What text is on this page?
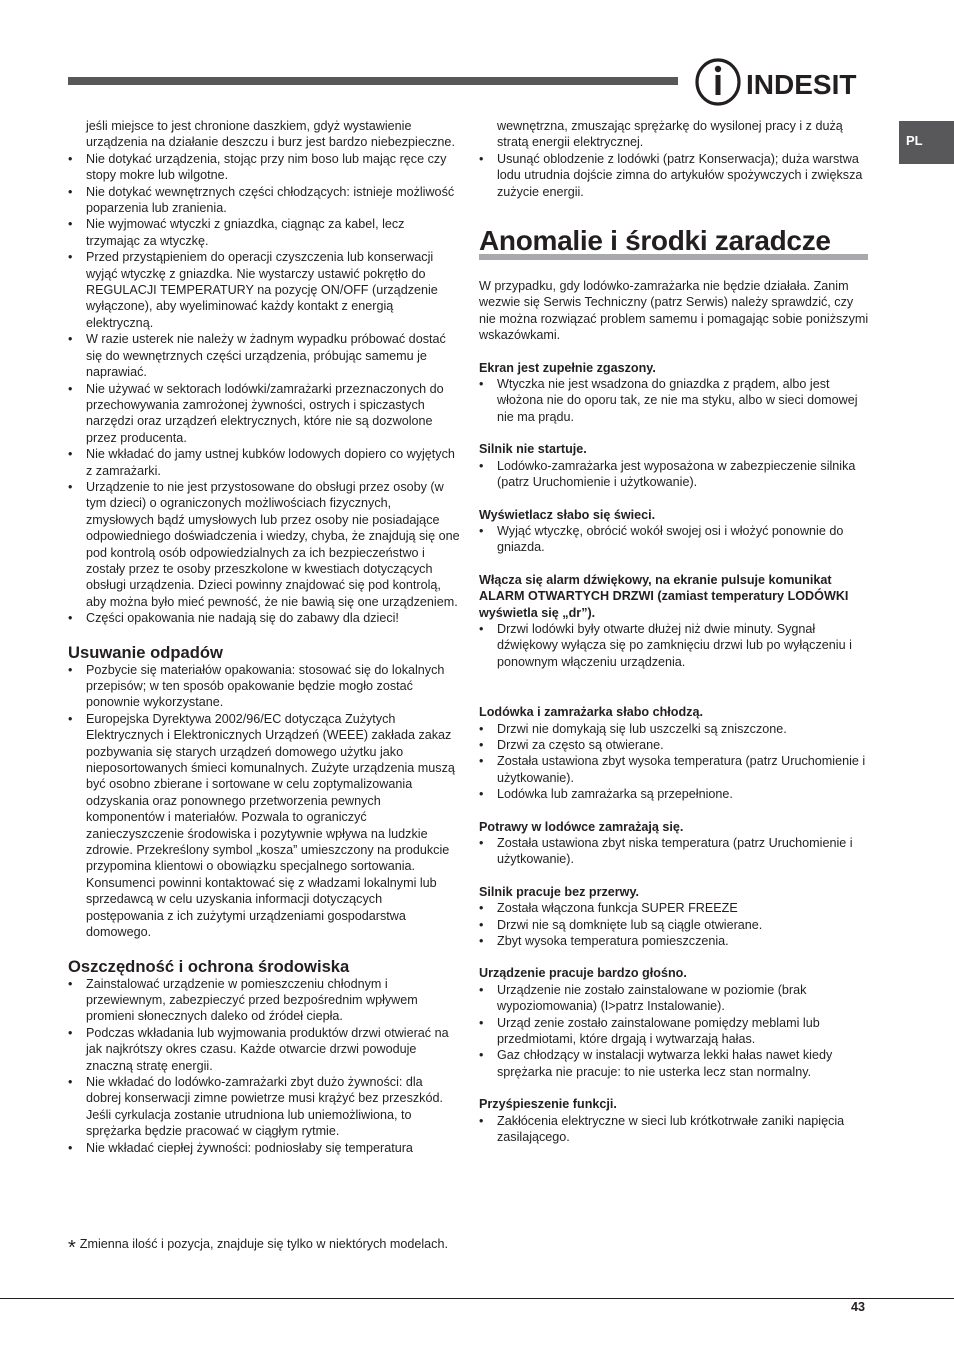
INDESIT
PL

jeśli miejsce to jest chronione daszkiem, gdyż wystawienie urządzenia na działanie deszczu i burz jest bardzo niebezpieczne.

• Nie dotykać urządzenia, stojąc przy nim boso lub mając ręce czy stopy mokre lub wilgotne.
• Nie dotykać wewnętrznych części chłodzących: istnieje możliwość poparzenia lub zranienia.
• Nie wyjmować wtyczki z gniazdka, ciągnąc za kabel, lecz trzymając za wtyczkę.
• Przed przystąpieniem do operacji czyszczenia lub konserwacji wyjąć wtyczkę z gniazdka. Nie wystarczy ustawić pokrętło do REGULACJI TEMPERATURY na pozycję ON/OFF (urządzenie wyłączone), aby wyeliminować każdy kontakt z energią elektryczną.
• W razie usterek nie należy w żadnym wypadku próbować dostać się do wewnętrznych części urządzenia, próbując samemu je naprawiać.
• Nie używać w sektorach lodówki/zamrażarki przeznaczonych do przechowywania zamrożonej żywności, ostrych i spiczastych narzędzi oraz urządzeń elektrycznych, które nie są dozwolone przez producenta.
• Nie wkładać do jamy ustnej kubków lodowych dopiero co wyjętych z zamrażarki.
• Urządzenie to nie jest przystosowane do obsługi przez osoby (w tym dzieci) o ograniczonych możliwościach fizycznych, zmysłowych bądź umysłowych lub przez osoby nie posiadające odpowiedniego doświadczenia i wiedzy, chyba, że znajdują się one pod kontrolą osób odpowiedzialnych za ich bezpieczeństwo i zostały przez te osoby przeszkolone w kwestiach dotyczących obsługi urządzenia. Dzieci powinny znajdować się pod kontrolą, aby można było mieć pewność, że nie bawią się one urządzeniem.
• Części opakowania nie nadają się do zabawy dla dzieci!
Usuwanie odpadów
• Pozbycie się materiałów opakowania: stosować się do lokalnych przepisów; w ten sposób opakowanie będzie mogło zostać ponownie wykorzystane.
• Europejska Dyrektywa 2002/96/EC dotycząca Zużytych Elektrycznych i Elektronicznych Urządzeń (WEEE) zakłada zakaz pozbywania się starych urządzeń domowego użytku jako nieposortowanych śmieci komunalnych. Zużyte urządzenia muszą być osobno zbierane i sortowane w celu zoptymalizowania odzyskania oraz ponownego przetworzenia pewnych komponentów i materiałów. Pozwala to ograniczyć zanieczyszczenie środowiska i pozytywnie wpływa na ludzkie zdrowie. Przekreślony symbol „kosza” umieszczony na produkcie przypomina klientowi o obowiązku specjalnego sortowania.

Konsumenci powinni kontaktować się z władzami lokalnymi lub sprzedawcą w celu uzyskania informacji dotyczących postępowania z ich zużytymi urządzeniami gospodarstwa domowego.

Oszczędność i ochrona środowiska
• Zainstalować urządzenie w pomieszczeniu chłodnym i przewiewnym, zabezpieczyć przed bezpośrednim wpływem promieni słonecznych daleko od źródeł ciepła.
• Podczas wkładania lub wyjmowania produktów drzwi otwierać na jak najkrótszy okres czasu. Każde otwarcie drzwi powoduje znaczną stratę energii.
• Nie wkładać do lodówko-zamrażarki zbyt dużo żywności: dla dobrej konserwacji zimne powietrze musi krążyć bez przeszkód. Jeśli cyrkulacja zostanie utrudniona lub uniemożliwiona, to sprężarka będzie pracować w ciągłym rytmie.
• Nie wkładać ciepłej żywności: podniosłaby się temperatura
* Zmienna ilość i pozycja, znajduje się tylko w niektórych modelach.

wewnętrzna, zmuszając sprężarkę do wysilonej pracy i z dużą stratą energii elektrycznej.

• Usunąć oblodzenie z lodówki (patrz Konserwacja); duża warstwa lodu utrudnia dojście zimna do artykułów spożywczych i zwiększa zużycie energii.
Anomalie i środki zaradcze

W przypadku, gdy lodówko-zamrażarka nie będzie działała. Zanim wezwie się Serwis Techniczny (patrz Serwis) należy sprawdzić, czy nie można rozwiązać problem samemu i pomagając sobie poniższymi wskazówkami.

Ekran jest zupełnie zgaszony.
• Wtyczka nie jest wsadzona do gniazdka z prądem, albo jest włożona nie do oporu tak, ze nie ma styku, albo w sieci domowej nie ma prądu.
Silnik nie startuje.
• Lodówko-zamrażarka jest wyposażona w zabezpieczenie silnika (patrz Uruchomienie i użytkowanie).
Wyświetlacz słabo się świeci.
• Wyjąć wtyczkę, obrócić wokół swojej osi i włożyć ponownie do gniazda.
Włącza się alarm dźwiękowy, na ekranie pulsuje komunikat ALARM OTWARTYCH DRZWI (zamiast temperatury LODÓWKI wyświetla się „dr”).
• Drzwi lodówki były otwarte dłużej niż dwie minuty. Sygnał dźwiękowy wyłącza się po zamknięciu drzwi lub po wyłączeniu i ponownym włączeniu urządzenia.
Lodówka i zamrażarka słabo chłodzą.
• Drzwi nie domykają się lub uszczelki są zniszczone.
• Drzwi za często są otwierane.
• Została ustawiona zbyt wysoka temperatura (patrz Uruchomienie i użytkowanie).
• Lodówka lub zamrażarka są przepełnione.
Potrawy w lodówce zamrażają się.
• Została ustawiona zbyt niska temperatura (patrz Uruchomienie i użytkowanie).
Silnik pracuje bez przerwy.
• Została włączona funkcja SUPER FREEZE
• Drzwi nie są domknięte lub są ciągle otwierane.
• Zbyt wysoka temperatura pomieszczenia.
Urządzenie pracuje bardzo głośno.
• Urządzenie nie zostało zainstalowane w poziomie (brak wypoziomowania) (I>patrz Instalowanie).
• Urząd zenie zostało zainstalowane pomiędzy meblami lub przedmiotami, które drgają i wytwarzają hałas.
• Gaz chłodzący w instalacji wytwarza lekki hałas nawet kiedy sprężarka nie pracuje: to nie usterka lecz stan normalny.
Przyśpieszenie funkcji.
• Zakłócenia elektryczne w sieci lub krótkotrwałe zaniki napięcia zasilającego.
43
